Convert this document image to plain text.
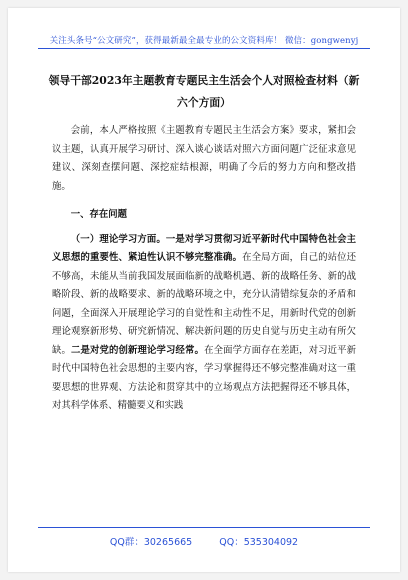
关注头条号“公文研究”，获得最新最全最专业的公文资料库！ 微信：gongwenyj
领导干部2023年主题教育专题民主生活会个人对照检查材料（新六个方面）

会前，本人严格按照《主题教育专题民主生活会方案》要求，紧扣会议主题，认真开展学习研讨、深入谈心谈话对照六方面问题广泛征求意见建议、深刻查摆问题、深挖症结根源，明确了今后的努力方向和整改措施。

一、存在问题

（一）理论学习方面。一是对学习贯彻习近平新时代中国特色社会主义思想的重要性、紧迫性认识不够完整准确。在全局方面，自己的站位还不够高，未能从当前我国发展面临新的战略机遇、新的战略任务、新的战略阶段、新的战略要求、新的战略环境之中，充分认清错综复杂的矛盾和问题，全面深入开展理论学习的自觉性和主动性不足，用新时代党的创新理论观察新形势、研究新情况、解决新问题的历史自觉与历史主动有所欠缺。二是对党的创新理论学习经常。在全面学方面存在差距，对习近平新时代中国特色社会思想的主要内容，学习掌握得还不够完整准确对这一重要思想的世界观、方法论和贯穿其中的立场观点方法把握得还不够具体，对其科学体系、精髓要义和实践

QQ群：30265665	QQ：535304092
